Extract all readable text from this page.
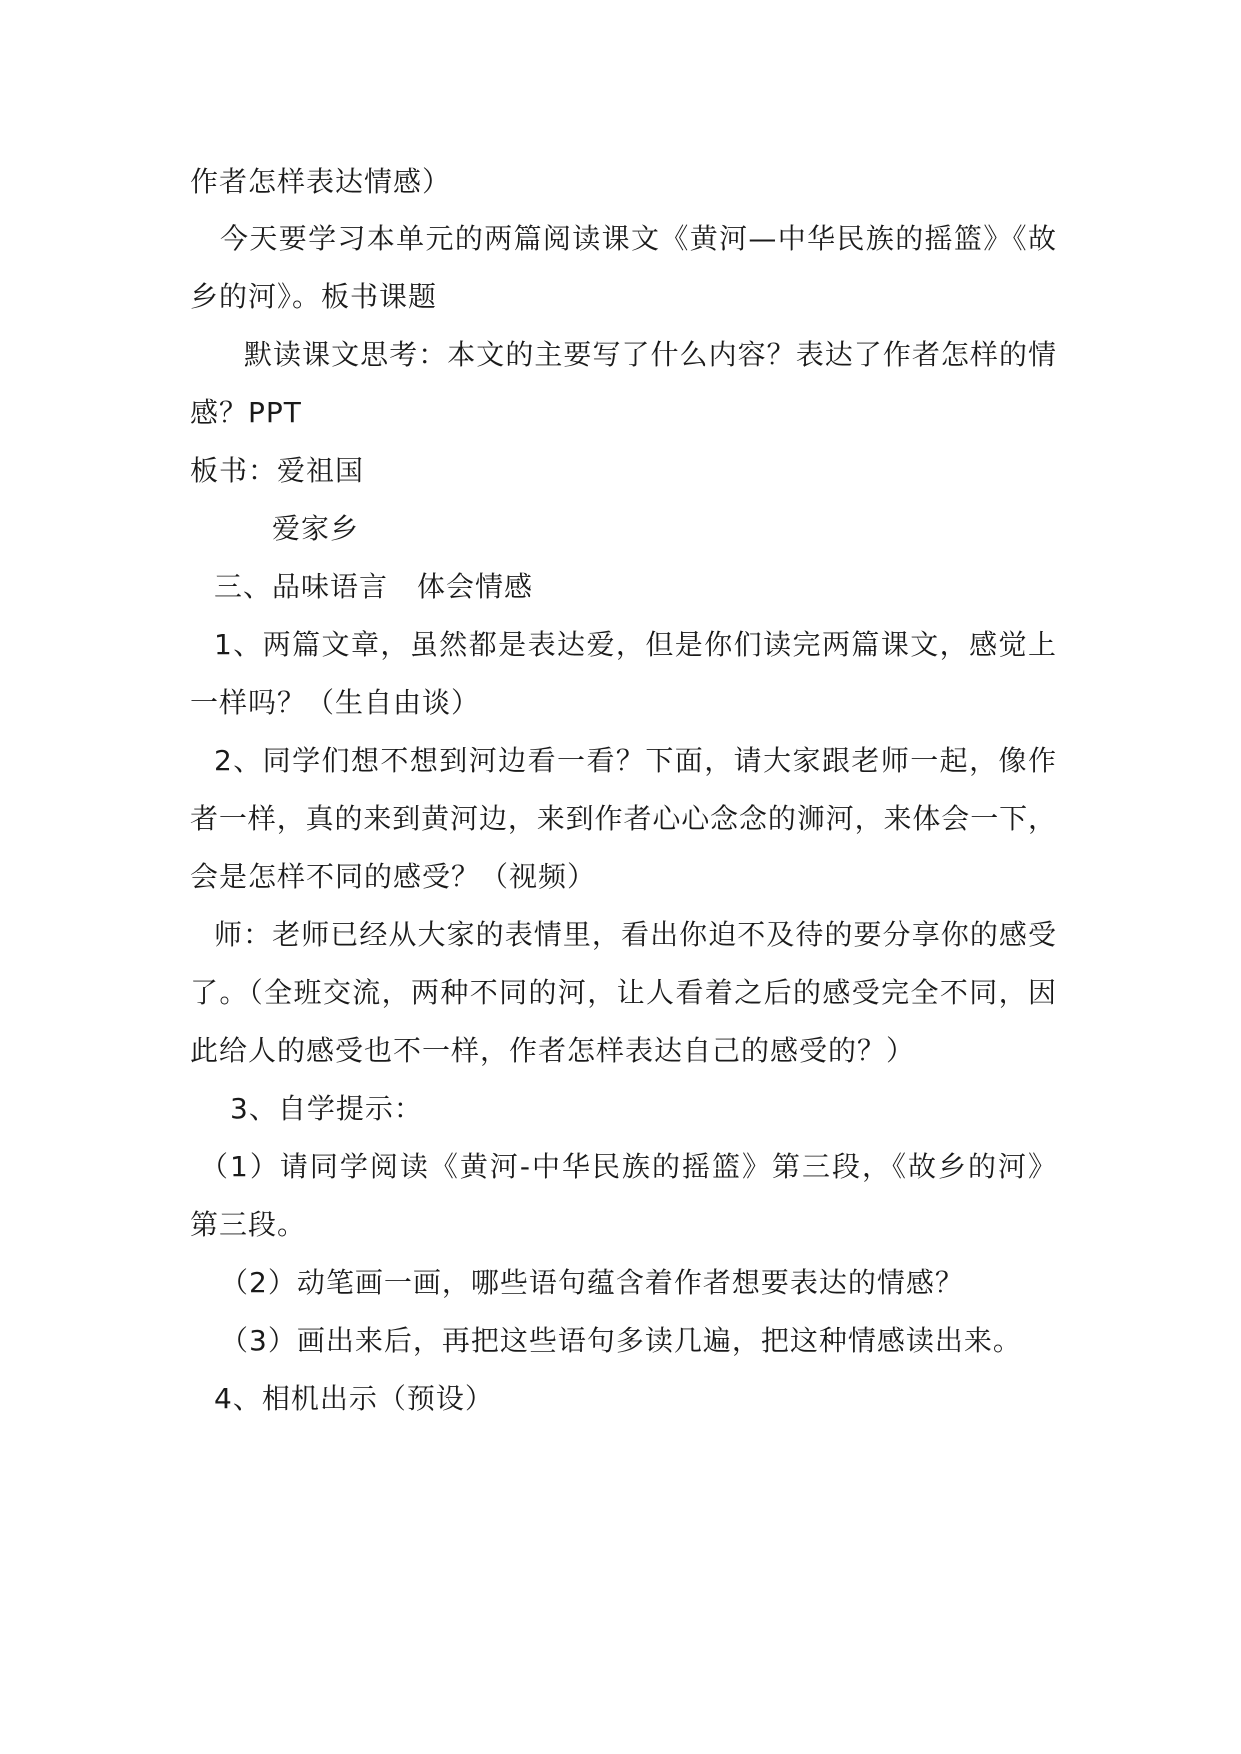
作者怎样表达情感）

今天要学习本单元的两篇阅读课文《黄河—中华民族的摇篮》《故

乡的河》。板书课题

默读课文思考：本文的主要写了什么内容？表达了作者怎样的情

感？PPT

板书：爱祖国

爱家乡

三、品味语言　体会情感

1、两篇文章，虽然都是表达爱，但是你们读完两篇课文，感觉上

一样吗？（生自由谈）

2、同学们想不想到河边看一看？下面，请大家跟老师一起，像作

者一样，真的来到黄河边，来到作者心心念念的浉河，来体会一下，

会是怎样不同的感受？（视频）

师：老师已经从大家的表情里，看出你迫不及待的要分享你的感受

了。（全班交流，两种不同的河，让人看着之后的感受完全不同，因

此给人的感受也不一样，作者怎样表达自己的感受的？）

3、自学提示：

（1）请同学阅读《黄河-中华民族的摇篮》第三段，《故乡的河》

第三段。

（2）动笔画一画，哪些语句蕴含着作者想要表达的情感？

（3）画出来后，再把这些语句多读几遍，把这种情感读出来。

4、相机出示（预设）
